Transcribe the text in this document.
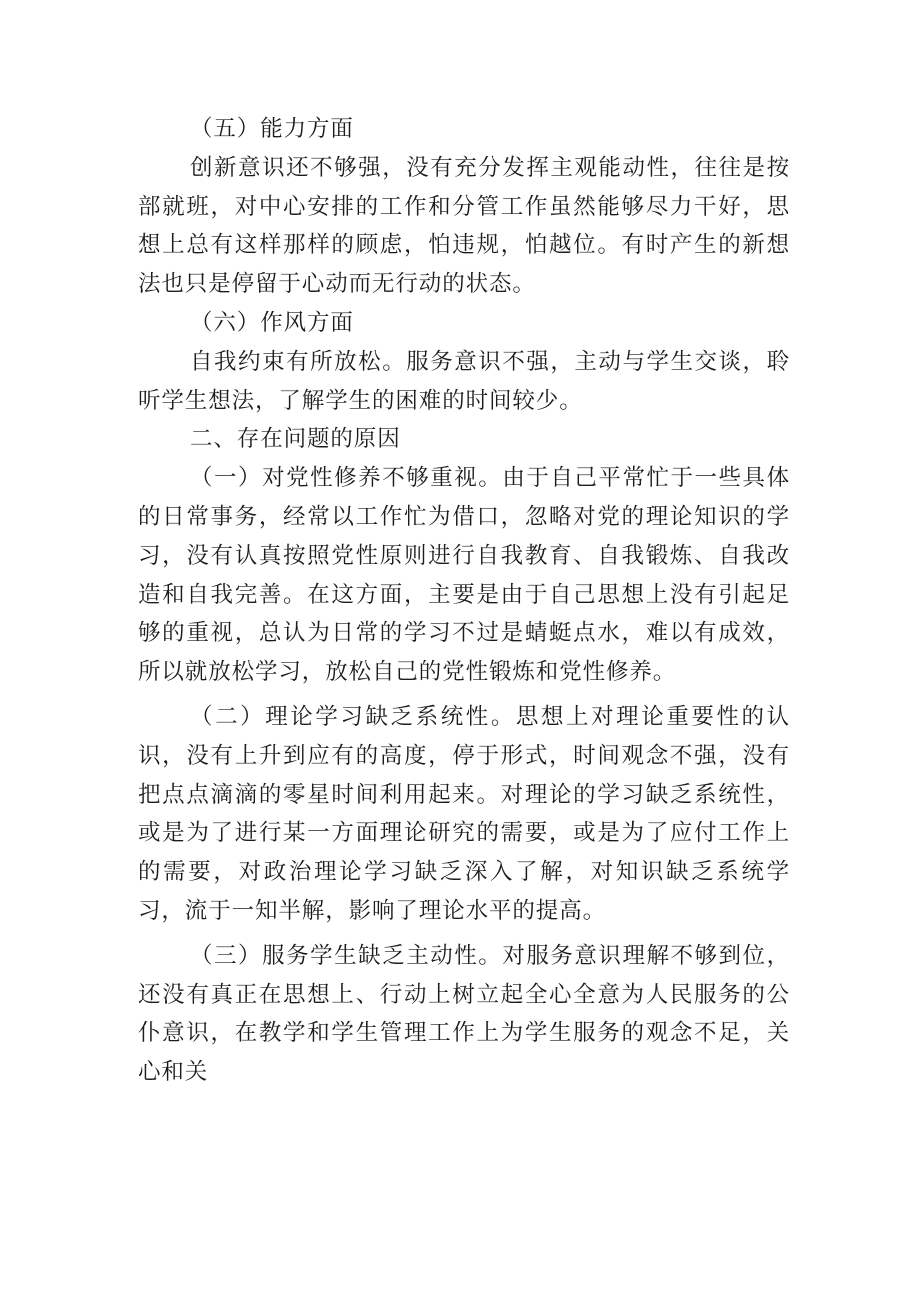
（五）能力方面

创新意识还不够强，没有充分发挥主观能动性，往往是按部就班，对中心安排的工作和分管工作虽然能够尽力干好，思想上总有这样那样的顾虑，怕违规，怕越位。有时产生的新想法也只是停留于心动而无行动的状态。

（六）作风方面

自我约束有所放松。服务意识不强，主动与学生交谈，聆听学生想法，了解学生的困难的时间较少。

二、存在问题的原因

（一）对党性修养不够重视。由于自己平常忙于一些具体的日常事务，经常以工作忙为借口，忽略对党的理论知识的学习，没有认真按照党性原则进行自我教育、自我锻炼、自我改造和自我完善。在这方面，主要是由于自己思想上没有引起足够的重视，总认为日常的学习不过是蜻蜓点水，难以有成效，所以就放松学习，放松自己的党性锻炼和党性修养。

（二）理论学习缺乏系统性。思想上对理论重要性的认识，没有上升到应有的高度，停于形式，时间观念不强，没有把点点滴滴的零星时间利用起来。对理论的学习缺乏系统性，或是为了进行某一方面理论研究的需要，或是为了应付工作上的需要，对政治理论学习缺乏深入了解，对知识缺乏系统学习，流于一知半解，影响了理论水平的提高。

（三）服务学生缺乏主动性。对服务意识理解不够到位，还没有真正在思想上、行动上树立起全心全意为人民服务的公仆意识，在教学和学生管理工作上为学生服务的观念不足，关心和关
